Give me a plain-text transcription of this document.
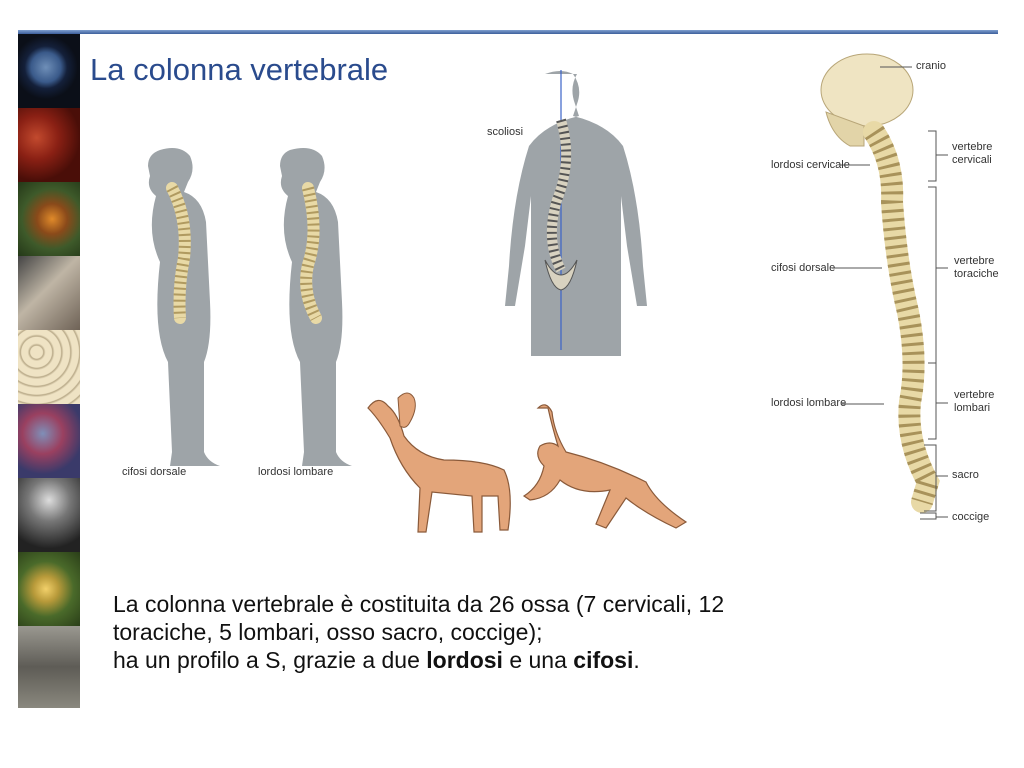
La colonna vertebrale
cifosi dorsale	lordosi lombare
scoliosi
cranio
lordosi cervicale
vertebre
cervicali
cifosi dorsale
vertebre
toraciche
lordosi lombare
vertebre
lombari
sacro
coccige
La colonna vertebrale è costituita da 26 ossa (7 cervicali, 12
toraciche, 5 lombari, osso sacro, coccige);
ha un profilo a S, grazie a due lordosi e una cifosi.
